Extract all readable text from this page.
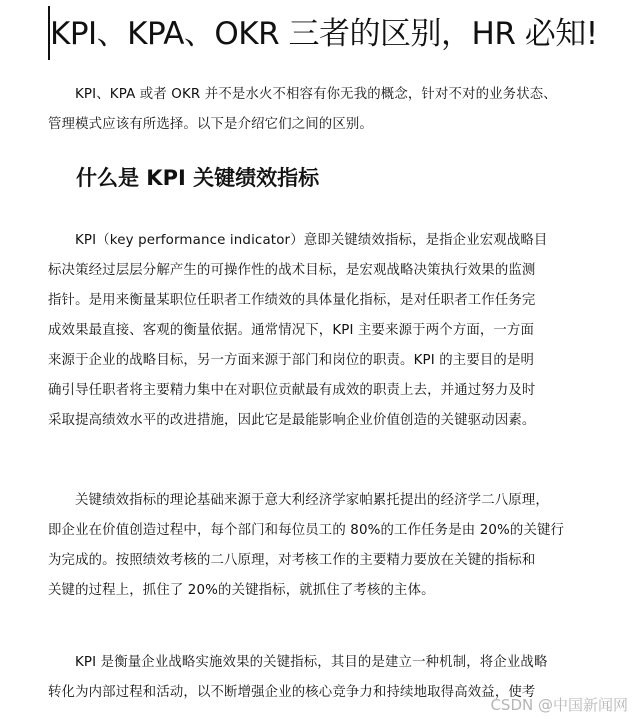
KPI、KPA、OKR 三者的区别，HR 必知!

KPI、KPA 或者 OKR 并不是水火不相容有你无我的概念，针对不对的业务状态、
管理模式应该有所选择。以下是介绍它们之间的区别。

什么是 KPI 关键绩效指标

KPI（key performance indicator）意即关键绩效指标，是指企业宏观战略目
标决策经过层层分解产生的可操作性的战术目标，是宏观战略决策执行效果的监测
指针。是用来衡量某职位任职者工作绩效的具体量化指标，是对任职者工作任务完
成效果最直接、客观的衡量依据。通常情况下，KPI 主要来源于两个方面，一方面
来源于企业的战略目标，另一方面来源于部门和岗位的职责。KPI 的主要目的是明
确引导任职者将主要精力集中在对职位贡献最有成效的职责上去，并通过努力及时
采取提高绩效水平的改进措施，因此它是最能影响企业价值创造的关键驱动因素。

关键绩效指标的理论基础来源于意大利经济学家帕累托提出的经济学二八原理，
即企业在价值创造过程中，每个部门和每位员工的 80%的工作任务是由 20%的关键行
为完成的。按照绩效考核的二八原理，对考核工作的主要精力要放在关键的指标和
关键的过程上，抓住了 20%的关键指标，就抓住了考核的主体。

KPI 是衡量企业战略实施效果的关键指标，其目的是建立一种机制，将企业战略
转化为内部过程和活动，以不断增强企业的核心竞争力和持续地取得高效益，使考

CSDN @中国新闻网
